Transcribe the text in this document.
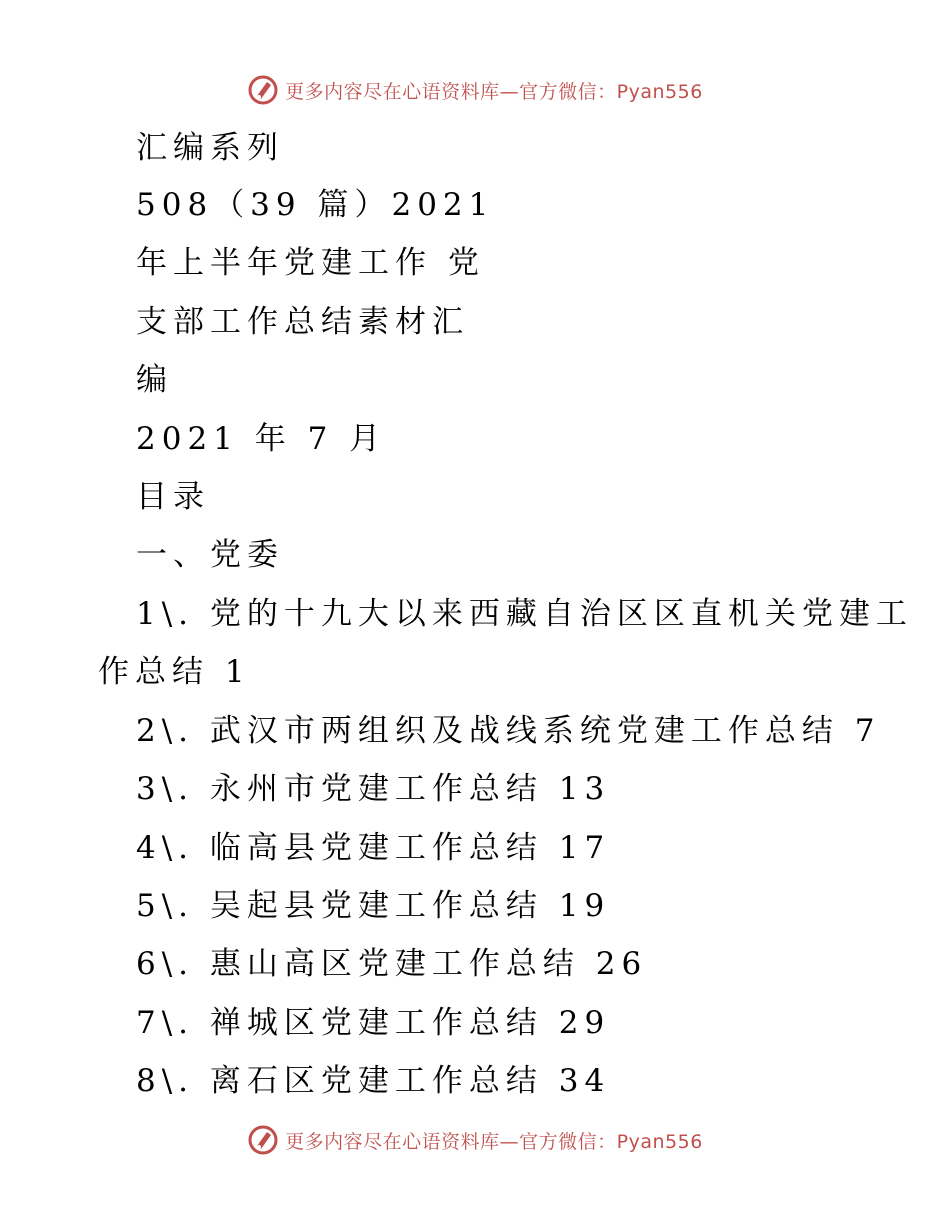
更多内容尽在心语资料库—官方微信：Pyan556
汇编系列
508（39 篇）2021
年上半年党建工作 党
支部工作总结素材汇
编
2021 年 7 月
目录
一、党委
1\. 党的十九大以来西藏自治区区直机关党建工
作总结 1
2\. 武汉市两组织及战线系统党建工作总结 7
3\. 永州市党建工作总结 13
4\. 临高县党建工作总结 17
5\. 吴起县党建工作总结 19
6\. 惠山高区党建工作总结 26
7\. 禅城区党建工作总结 29
8\. 离石区党建工作总结 34
更多内容尽在心语资料库—官方微信：Pyan556
